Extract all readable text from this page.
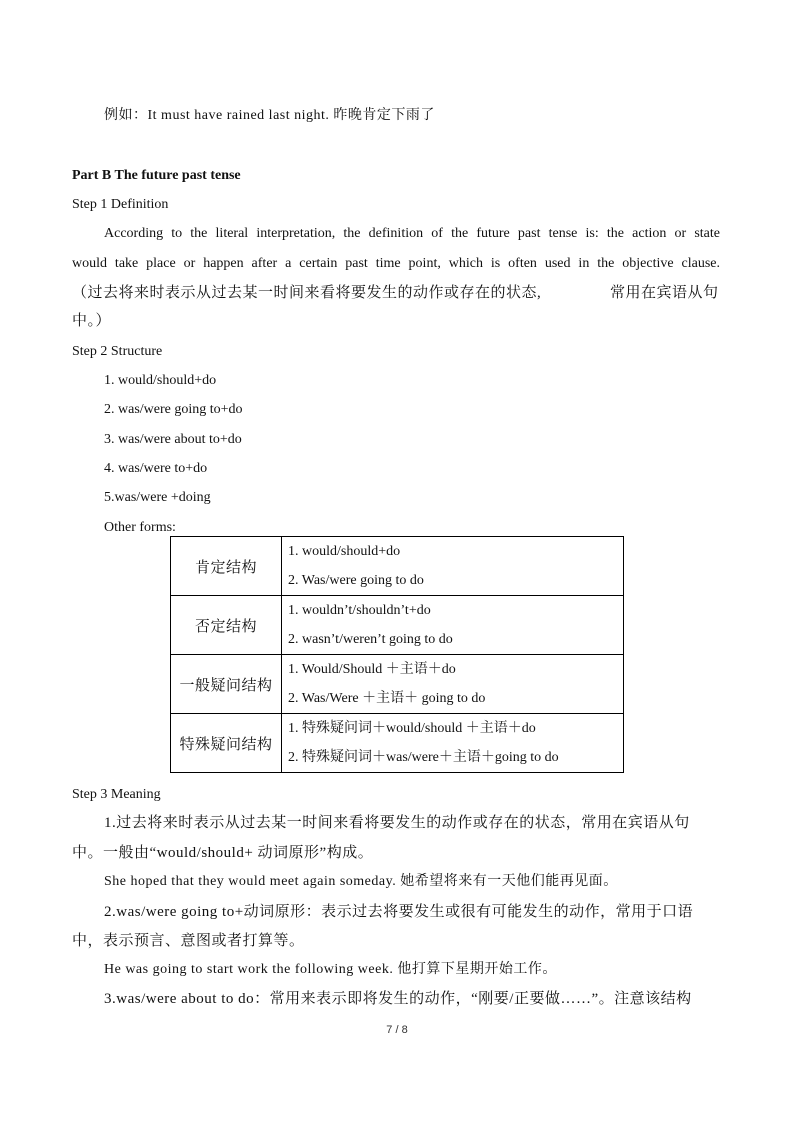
例如：It must have rained last night. 昨晚肯定下雨了
Part B The future past tense
Step 1 Definition
According to the literal interpretation, the definition of the future past tense is: the action or state
would take place or happen after a certain past time point, which is often used in the objective clause.
（过去将来时表示从过去某一时间来看将要发生的动作或存在的状态,	常用在宾语从句
中。）
Step 2 Structure
1. would/should+do
2. was/were going to+do
3. was/were about to+do
4. was/were to+do
5.was/were +doing
Other forms:
肯定结构	1. would/should+do
2. Was/were going to do

否定结构	1. wouldn’t/shouldn’t+do
2. wasn’t/weren’t going to do

一般疑问结构	1. Would/Should ＋主语＋do
2. Was/Were ＋主语＋ going to do

特殊疑问结构	1. 特殊疑问词＋would/should ＋主语＋do
2. 特殊疑问词＋was/were＋主语＋going to do
Step 3 Meaning
1.过去将来时表示从过去某一时间来看将要发生的动作或存在的状态，常用在宾语从句
中。一般由“would/should+ 动词原形”构成。
She hoped that they would meet again someday. 她希望将来有一天他们能再见面。
2.was/were going to+动词原形：表示过去将要发生或很有可能发生的动作，常用于口语
中，表示预言、意图或者打算等。
He was going to start work the following week. 他打算下星期开始工作。
3.was/were about to do：常用来表示即将发生的动作，“刚要/正要做……”。注意该结构
7 / 8
